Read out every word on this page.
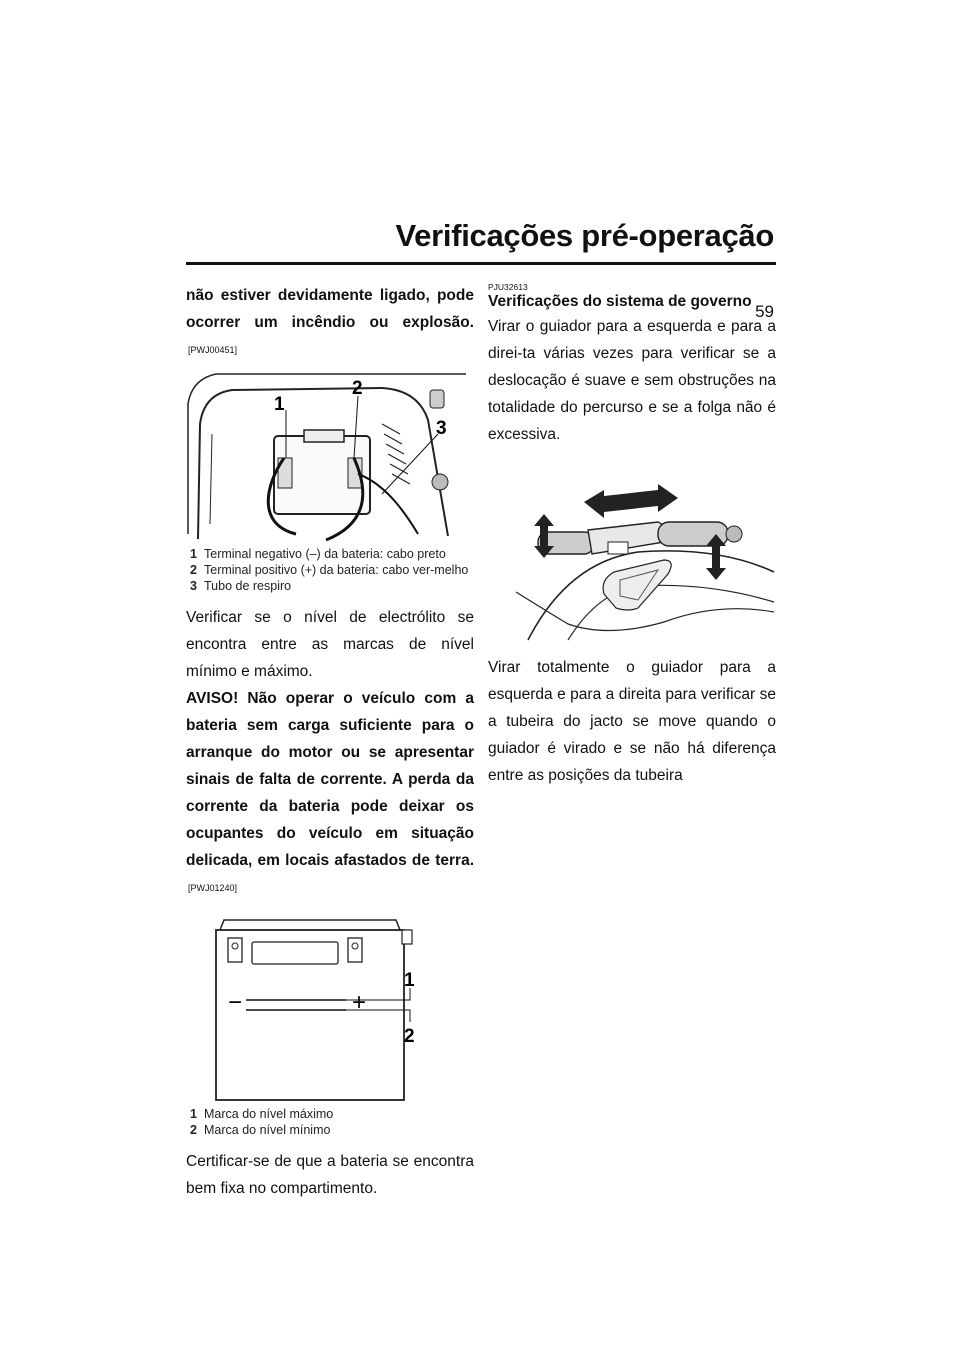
Verificações pré-operação
59

não estiver devidamente ligado, pode ocorrer um incêndio ou explosão.[PWJ00451]

1
2
3
1 Terminal negativo (–) da bateria: cabo preto
2 Terminal positivo (+) da bateria: cabo ver-melho
3 Tubo de respiro

Verificar se o nível de electrólito se encontra entre as marcas de nível mínimo e máximo.

AVISO! Não operar o veículo com a bateria sem carga suficiente para o arranque do motor ou se apresentar sinais de falta de corrente. A perda da corrente da bateria pode deixar os ocupantes do veículo em situação delicada, em locais afastados de terra.[PWJ01240]

−	+
1
2
1 Marca do nível máximo
2 Marca do nível mínimo

Certificar-se de que a bateria se encontra bem fixa no compartimento.

PJU32613

Verificações do sistema de governo

Virar o guiador para a esquerda e para a direi-ta várias vezes para verificar se a deslocação é suave e sem obstruções na totalidade do percurso e se a folga não é excessiva.

Virar totalmente o guiador para a esquerda e para a direita para verificar se a tubeira do jacto se move quando o guiador é virado e se não há diferença entre as posições da tubeira
